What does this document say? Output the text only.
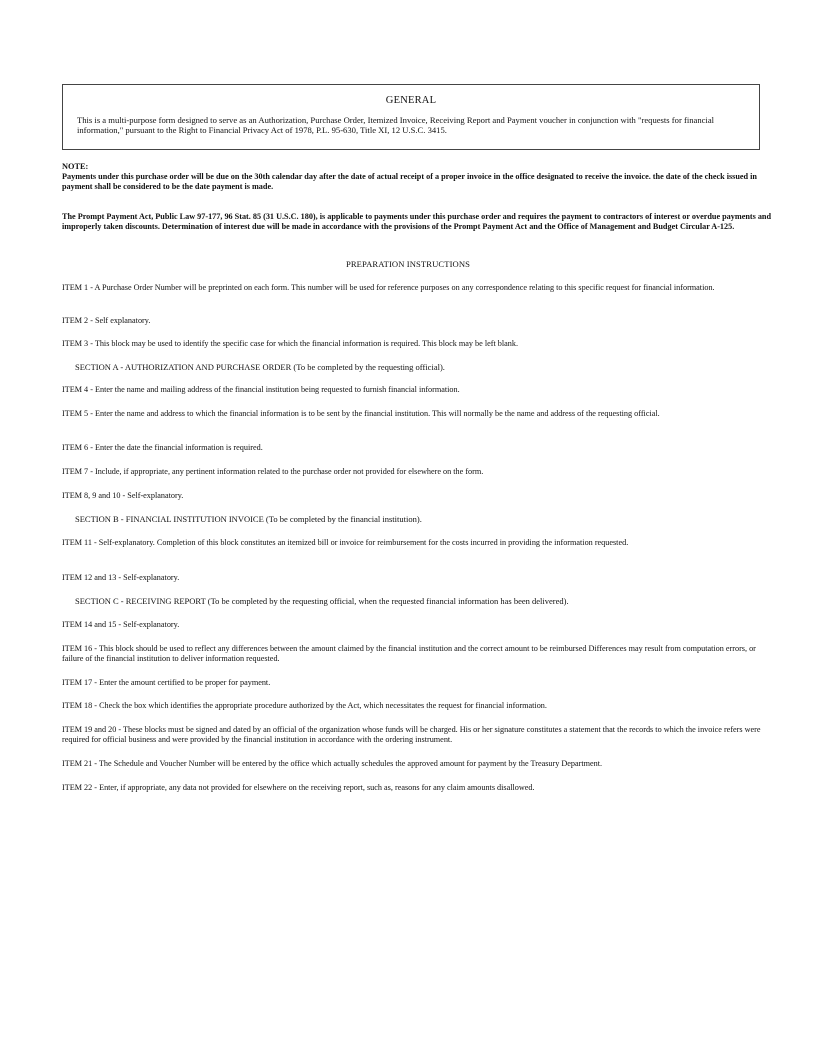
GENERAL
This is a multi-purpose form designed to serve as an Authorization, Purchase Order, Itemized Invoice, Receiving Report and Payment voucher in conjunction with "requests for financial information," pursuant to the Right to Financial Privacy Act of 1978, P.L. 95-630, Title XI, 12 U.S.C. 3415.
NOTE:
Payments under this purchase order will be due on the 30th calendar day after the date of actual receipt of a proper invoice in the office designated to receive the invoice. the date of the check issued in payment shall be considered to be the date payment is made.
The Prompt Payment Act, Public Law 97-177, 96 Stat. 85 (31 U.S.C. 180), is applicable to payments under this purchase order and requires the payment to contractors of interest or overdue payments and improperly taken discounts. Determination of interest due will be made in accordance with the provisions of the Prompt Payment Act and the Office of Management and Budget Circular A-125.
PREPARATION INSTRUCTIONS
ITEM 1 - A Purchase Order Number will be preprinted on each form. This number will be used for reference purposes on any correspondence relating to this specific request for financial information.
ITEM 2 - Self explanatory.
ITEM 3 - This block may be used to identify the specific case for which the financial information is required. This block may be left blank.
SECTION A - AUTHORIZATION AND PURCHASE ORDER (To be completed by the requesting official).
ITEM 4 - Enter the name and mailing address of the financial institution being requested to furnish financial information.
ITEM 5 - Enter the name and address to which the financial information is to be sent by the financial institution. This will normally be the name and address of the requesting official.
ITEM 6 - Enter the date the financial information is required.
ITEM 7 - Include, if appropriate, any pertinent information related to the purchase order not provided for elsewhere on the form.
ITEM 8, 9 and 10 - Self-explanatory.
SECTION B - FINANCIAL INSTITUTION INVOICE (To be completed by the financial institution).
ITEM 11 - Self-explanatory. Completion of this block constitutes an itemized bill or invoice for reimbursement for the costs incurred in providing the information requested.
ITEM 12 and 13 - Self-explanatory.
SECTION C - RECEIVING REPORT (To be completed by the requesting official, when the requested financial information has been delivered).
ITEM 14 and 15 - Self-explanatory.
ITEM 16 - This block should be used to reflect any differences between the amount claimed by the financial institution and the correct amount to be reimbursed Differences may result from computation errors, or failure of the financial institution to deliver information requested.
ITEM 17 - Enter the amount certified to be proper for payment.
ITEM 18 - Check the box which identifies the appropriate procedure authorized by the Act, which necessitates the request for financial information.
ITEM 19 and 20 - These blocks must be signed and dated by an official of the organization whose funds will be charged. His or her signature constitutes a statement that the records to which the invoice refers were required for official business and were provided by the financial institution in accordance with the ordering instrument.
ITEM 21 - The Schedule and Voucher Number will be entered by the office which actually schedules the approved amount for payment by the Treasury Department.
ITEM 22 - Enter, if appropriate, any data not provided for elsewhere on the receiving report, such as, reasons for any claim amounts disallowed.
